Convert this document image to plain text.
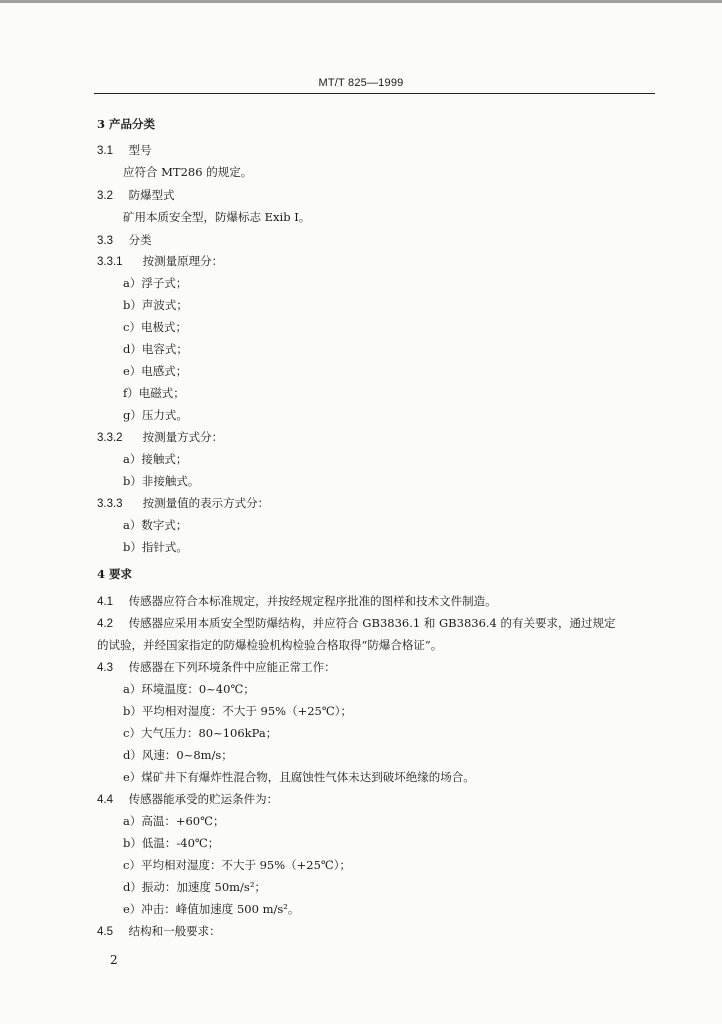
MT/T 825—1999
3 产品分类
3.1 型号
应符合 MT286 的规定。
3.2 防爆型式
矿用本质安全型，防爆标志 Exib Ⅰ。
3.3 分类
3.3.1 按测量原理分：
a）浮子式；
b）声波式；
c）电极式；
d）电容式；
e）电感式；
f）电磁式；
g）压力式。
3.3.2 按测量方式分：
a）接触式；
b）非接触式。
3.3.3 按测量值的表示方式分：
a）数字式；
b）指针式。
4 要求
4.1 传感器应符合本标准规定，并按经规定程序批准的图样和技术文件制造。
4.2 传感器应采用本质安全型防爆结构，并应符合 GB3836.1 和 GB3836.4 的有关要求，通过规定
的试验，并经国家指定的防爆检验机构检验合格取得“防爆合格证”。
4.3 传感器在下列环境条件中应能正常工作：
a）环境温度：0~40℃；
b）平均相对湿度：不大于 95%（+25℃）；
c）大气压力：80~106kPa；
d）风速：0~8m/s；
e）煤矿井下有爆炸性混合物，且腐蚀性气体未达到破坏绝缘的场合。
4.4 传感器能承受的贮运条件为：
a）高温：+60℃；
b）低温：-40℃；
c）平均相对湿度：不大于 95%（+25℃）；
d）振动：加速度 50m/s²；
e）冲击：峰值加速度 500 m/s²。
4.5 结构和一般要求：
2
